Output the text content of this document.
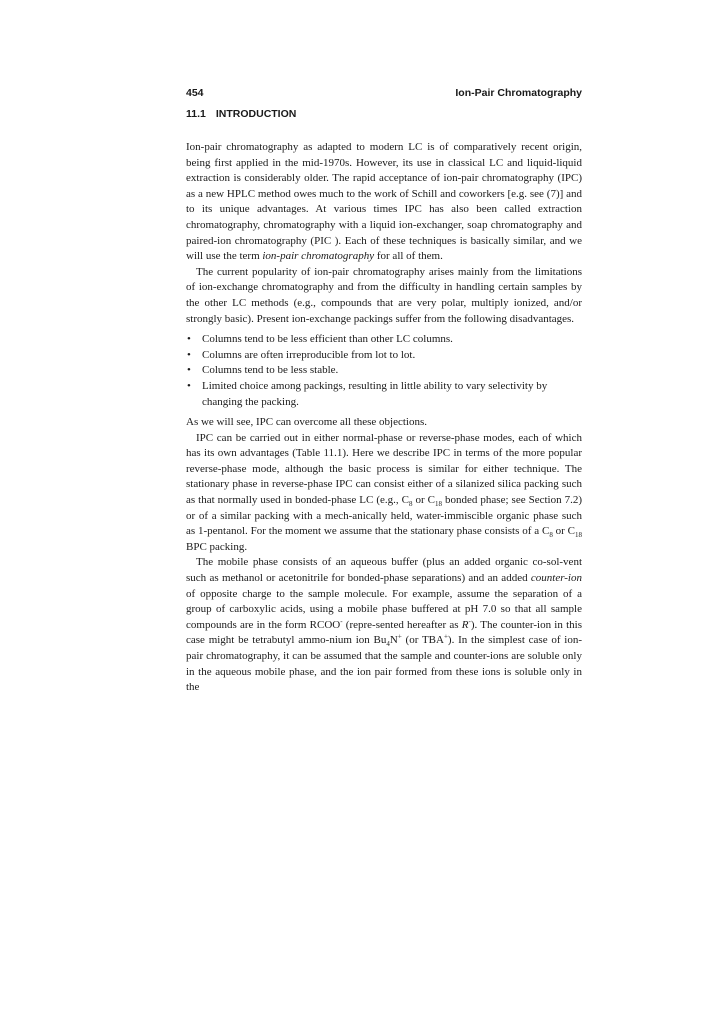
454	Ion-Pair Chromatography
11.1 INTRODUCTION

Ion-pair chromatography as adapted to modern LC is of comparatively recent origin, being first applied in the mid-1970s. However, its use in classical LC and liquid-liquid extraction is considerably older. The rapid acceptance of ion-pair chromatography (IPC) as a new HPLC method owes much to the work of Schill and coworkers [e.g. see (7)] and to its unique advantages. At various times IPC has also been called extraction chromatography, chromatography with a liquid ion-exchanger, soap chromatography and paired-ion chromatography (PIC ). Each of these techniques is basically similar, and we will use the term ion-pair chromatography for all of them.

The current popularity of ion-pair chromatography arises mainly from the limitations of ion-exchange chromatography and from the difficulty in handling certain samples by the other LC methods (e.g., compounds that are very polar, multiply ionized, and/or strongly basic). Present ion-exchange packings suffer from the following disadvantages.

• Columns tend to be less efficient than other LC columns.
• Columns are often irreproducible from lot to lot.
• Columns tend to be less stable.
• Limited choice among packings, resulting in little ability to vary selectivity by changing the packing.

As we will see, IPC can overcome all these objections.

IPC can be carried out in either normal-phase or reverse-phase modes, each of which has its own advantages (Table 11.1). Here we describe IPC in terms of the more popular reverse-phase mode, although the basic process is similar for either technique. The stationary phase in reverse-phase IPC can consist either of a silanized silica packing such as that normally used in bonded-phase LC (e.g., $C_8$ or $C_{18}$ bonded phase; see Section 7.2) or of a similar packing with a mech-anically held, water-immiscible organic phase such as 1-pentanol. For the moment we assume that the stationary phase consists of a $C_8$ or $C_{18}$ BPC packing.

The mobile phase consists of an aqueous buffer (plus an added organic co-sol-vent such as methanol or acetonitrile for bonded-phase separations) and an added counter-ion of opposite charge to the sample molecule. For example, assume the separation of a group of carboxylic acids, using a mobile phase buffered at pH 7.0 so that all sample compounds are in the form RCOO- (repre-sented hereafter as R-). The counter-ion in this case might be tetrabutyl ammo-nium ion $Bu_4N^+$ (or TBA+). In the simplest case of ion-pair chromatography, it can be assumed that the sample and counter-ions are soluble only in the aqueous mobile phase, and the ion pair formed from these ions is soluble only in the
